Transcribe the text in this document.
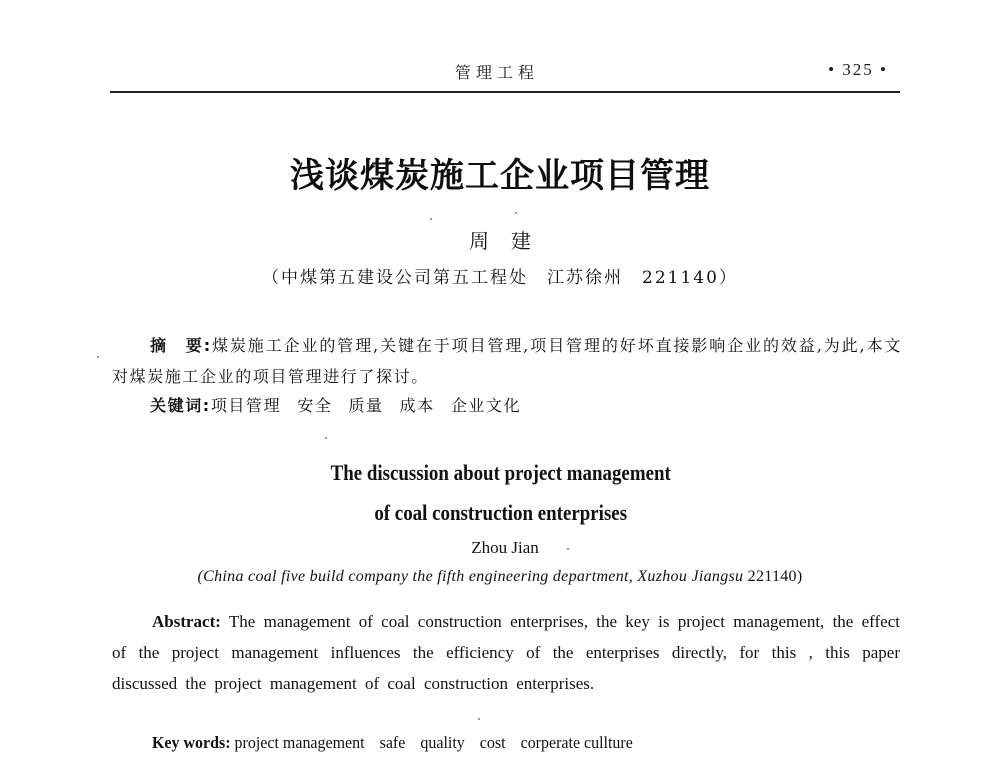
管理工程	• 325 •
浅谈煤炭施工企业项目管理
周建
（中煤第五建设公司第五工程处　江苏徐州　221140）
摘　要:煤炭施工企业的管理,关键在于项目管理,项目管理的好坏直接影响企业的效益,为此,本文对煤炭施工企业的项目管理进行了探讨。
关键词:项目管理 安全 质量 成本 企业文化
The discussion about project management
of coal construction enterprises
Zhou Jian
(China coal five build company the fifth engineering department, Xuzhou Jiangsu 221140)
Abstract: The management of coal construction enterprises, the key is project management, the effect of the project management influences the efficiency of the enterprises directly, for this , this paper discussed the project management of coal construction enterprises.
Key words: project management safe quality cost corperate cullture
